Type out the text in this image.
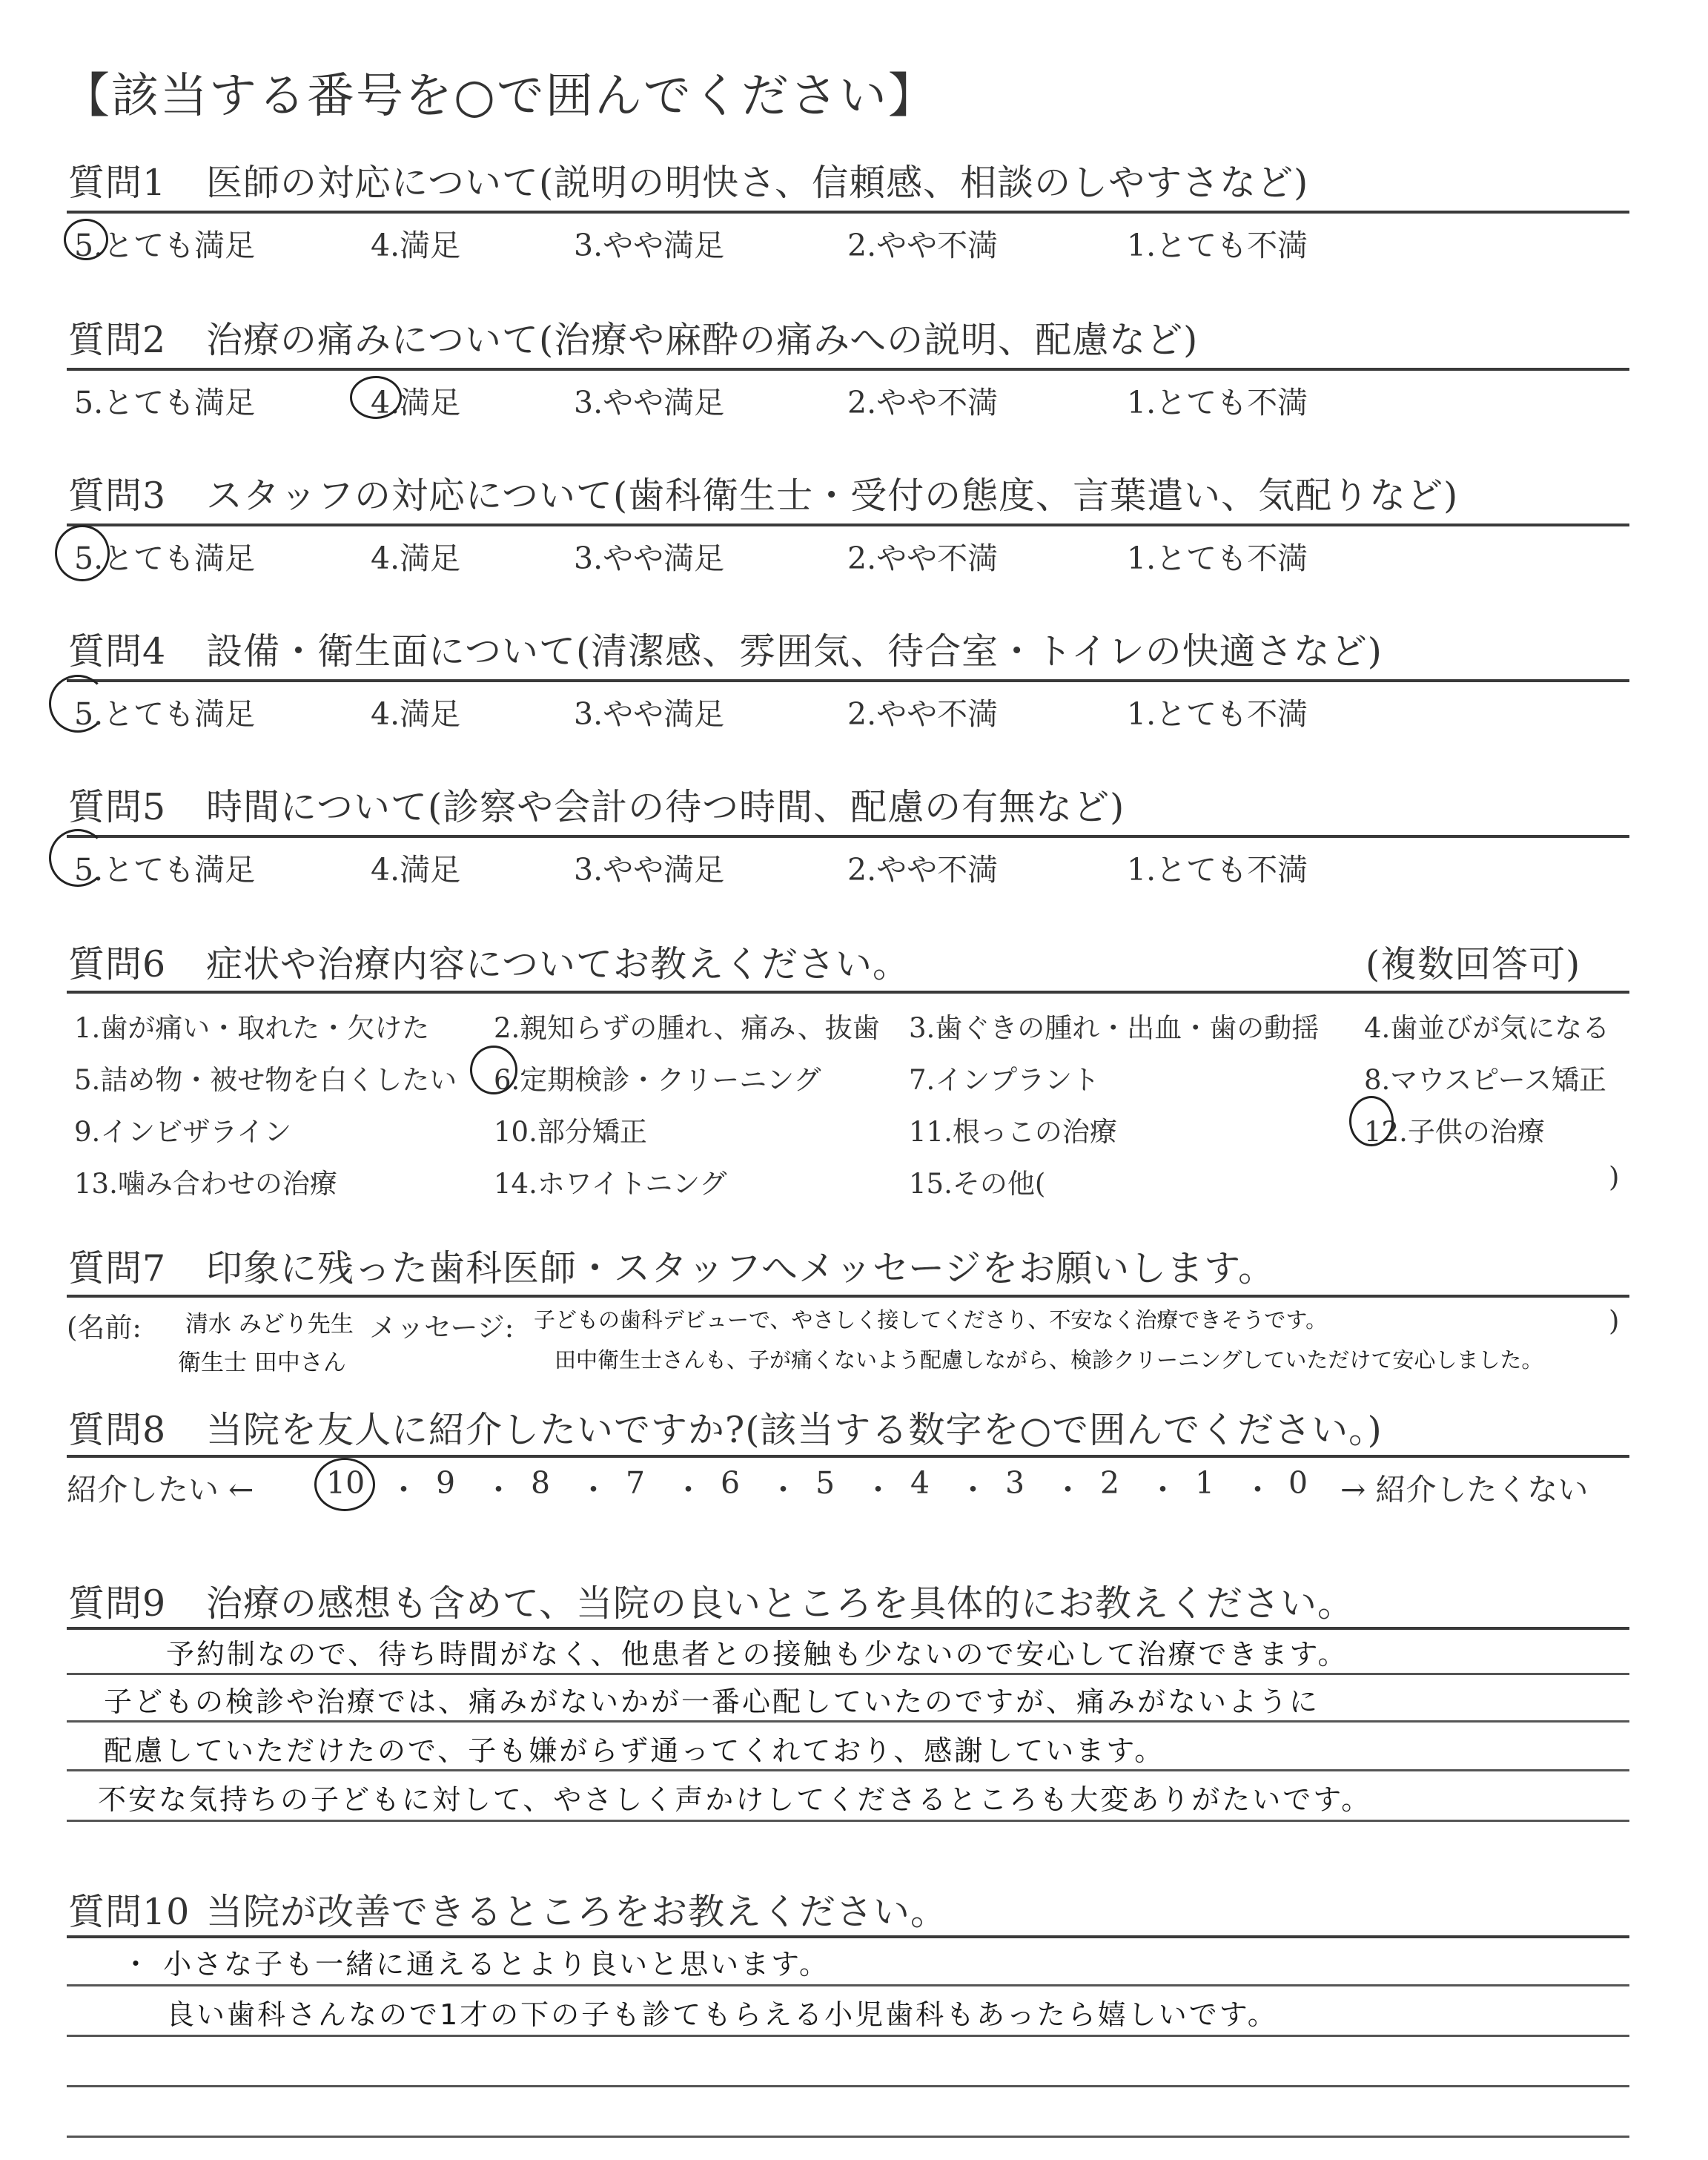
【該当する番号を○で囲んでください】
質問1 医師の対応について(説明の明快さ、信頼感、相談のしやすさなど)
5.とても満足	4.満足	3.やや満足	2.やや不満	1.とても不満
質問2 治療の痛みについて(治療や麻酔の痛みへの説明、配慮など)
5.とても満足	4.満足	3.やや満足	2.やや不満	1.とても不満
質問3 スタッフの対応について(歯科衛生士・受付の態度、言葉遣い、気配りなど)
5.とても満足	4.満足	3.やや満足	2.やや不満	1.とても不満
質問4 設備・衛生面について(清潔感、雰囲気、待合室・トイレの快適さなど)
5.とても満足	4.満足	3.やや満足	2.やや不満	1.とても不満
質問5 時間について(診察や会計の待つ時間、配慮の有無など)
5.とても満足	4.満足	3.やや満足	2.やや不満	1.とても不満
質問6 症状や治療内容についてお教えください。	(複数回答可)
1.歯が痛い・取れた・欠けた 2.親知らずの腫れ、痛み、抜歯 3.歯ぐきの腫れ・出血・歯の動揺 4.歯並びが気になる
5.詰め物・被せ物を白くしたい 6.定期検診・クリーニング	7.インプラント	8.マウスピース矯正
9.インビザライン	10.部分矯正	11.根っこの治療	12.子供の治療
13.噛み合わせの治療	14.ホワイトニング	15.その他(	)
質問7 印象に残った歯科医師・スタッフへメッセージをお願いします。
(名前: 清水 みどり先生
衛生士 田中さん
メッセージ: 子どもの歯科デビューで、やさしく接してくださり、不安なく治療できそうです。
田中衛生士さんも、子が痛くないよう配慮しながら、検診クリーニングしていただけて安心しました。
)
質問8 当院を友人に紹介したいですか?(該当する数字を○で囲んでください。)
紹介したい ←	→ 紹介したくない
10 9 8 7 6 5 4 3 2 1 0
・ ・ ・ ・ ・ ・ ・ ・ ・ ・
質問9 治療の感想も含めて、当院の良いところを具体的にお教えください。
予約制なので、待ち時間がなく、他患者との接触も少ないので安心して治療できます。
子どもの検診や治療では、痛みがないかが一番心配していたのですが、痛みがないように
配慮していただけたので、子も嫌がらず通ってくれており、感謝しています。
不安な気持ちの子どもに対して、やさしく声かけしてくださるところも大変ありがたいです。
質問10 当院が改善できるところをお教えください。
・ 小さな子も一緒に通えるとより良いと思います。
良い歯科さんなので1才の下の子も診てもらえる小児歯科もあったら嬉しいです。
